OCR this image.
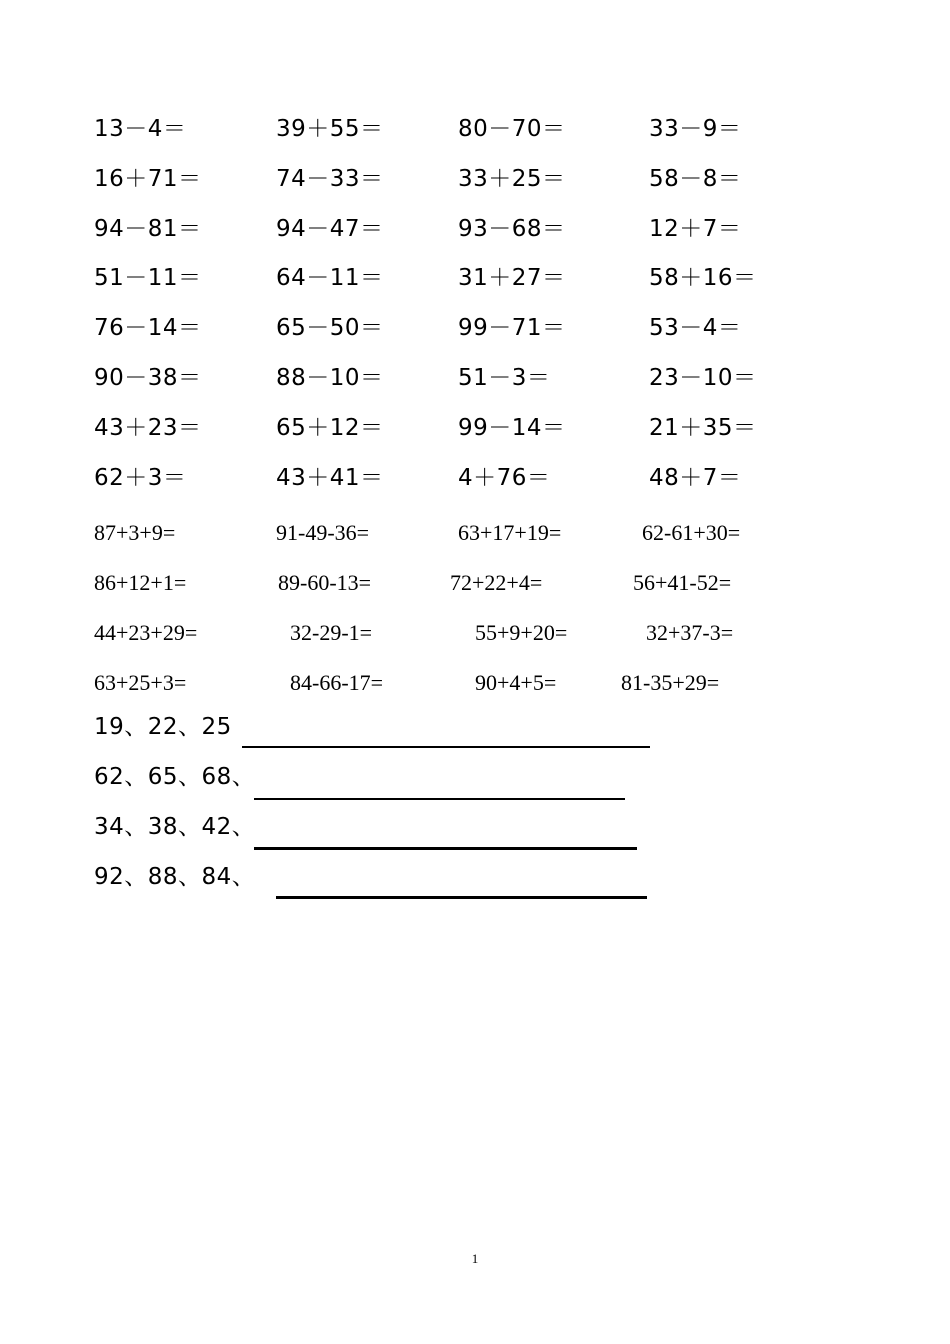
13－4＝	39＋55＝	80－70＝	33－9＝
16＋71＝	74－33＝	33＋25＝	58－8＝
94－81＝	94－47＝	93－68＝	12＋7＝
51－11＝	64－11＝	31＋27＝	58＋16＝
76－14＝	65－50＝	99－71＝	53－4＝
90－38＝	88－10＝	51－3＝	23－10＝
43＋23＝	65＋12＝	99－14＝	21＋35＝
62＋3＝	43＋41＝	4＋76＝	48＋7＝
87+3+9=	91-49-36=	63+17+19=	62-61+30=
86+12+1=	89-60-13=	72+22+4=	56+41-52=
44+23+29=	32-29-1=	55+9+20=	32+37-3=
63+25+3=	84-66-17=	90+4+5=	81-35+29=
19、22、25
62、65、68、
34、38、42、
92、88、84、
1
